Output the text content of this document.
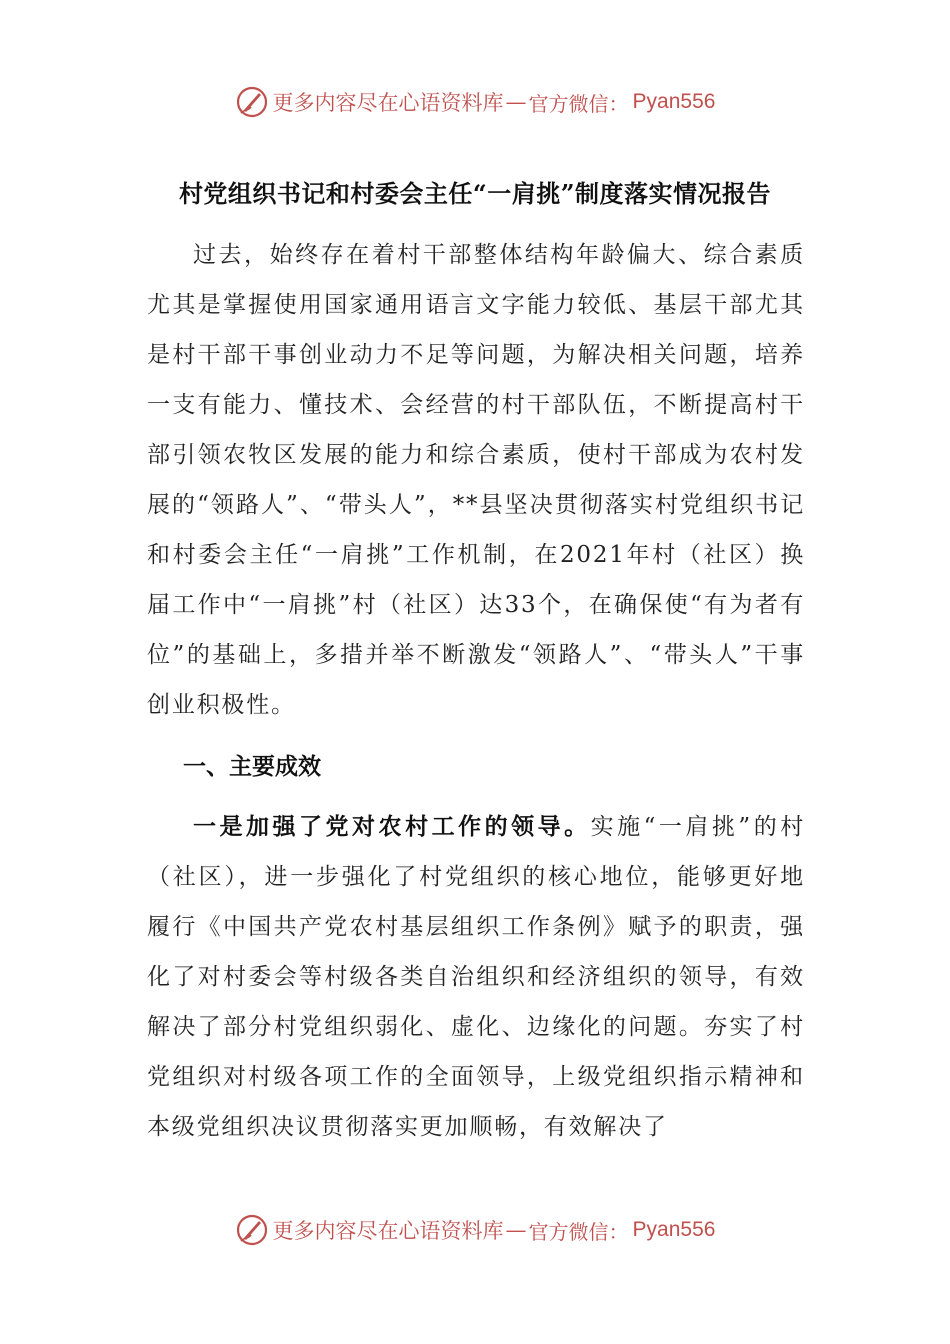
更多内容尽在心语资料库 — 官方微信： Pyan556
村党组织书记和村委会主任“一肩挑”制度落实情况报告

过去，始终存在着村干部整体结构年龄偏大、综合素质尤其是掌握使用国家通用语言文字能力较低、基层干部尤其是村干部干事创业动力不足等问题，为解决相关问题，培养一支有能力、懂技术、会经营的村干部队伍，不断提高村干部引领农牧区发展的能力和综合素质，使村干部成为农村发展的“领路人”、“带头人”，**县坚决贯彻落实村党组织书记和村委会主任“一肩挑”工作机制，在2021年村（社区）换届工作中“一肩挑”村（社区）达33个，在确保使“有为者有位”的基础上，多措并举不断激发“领路人”、“带头人”干事创业积极性。

一、主要成效

一是加强了党对农村工作的领导。实施“一肩挑”的村（社区），进一步强化了村党组织的核心地位，能够更好地履行《中国共产党农村基层组织工作条例》赋予的职责，强化了对村委会等村级各类自治组织和经济组织的领导，有效解决了部分村党组织弱化、虚化、边缘化的问题。夯实了村党组织对村级各项工作的全面领导，上级党组织指示精神和本级党组织决议贯彻落实更加顺畅，有效解决了

更多内容尽在心语资料库 — 官方微信： Pyan556
